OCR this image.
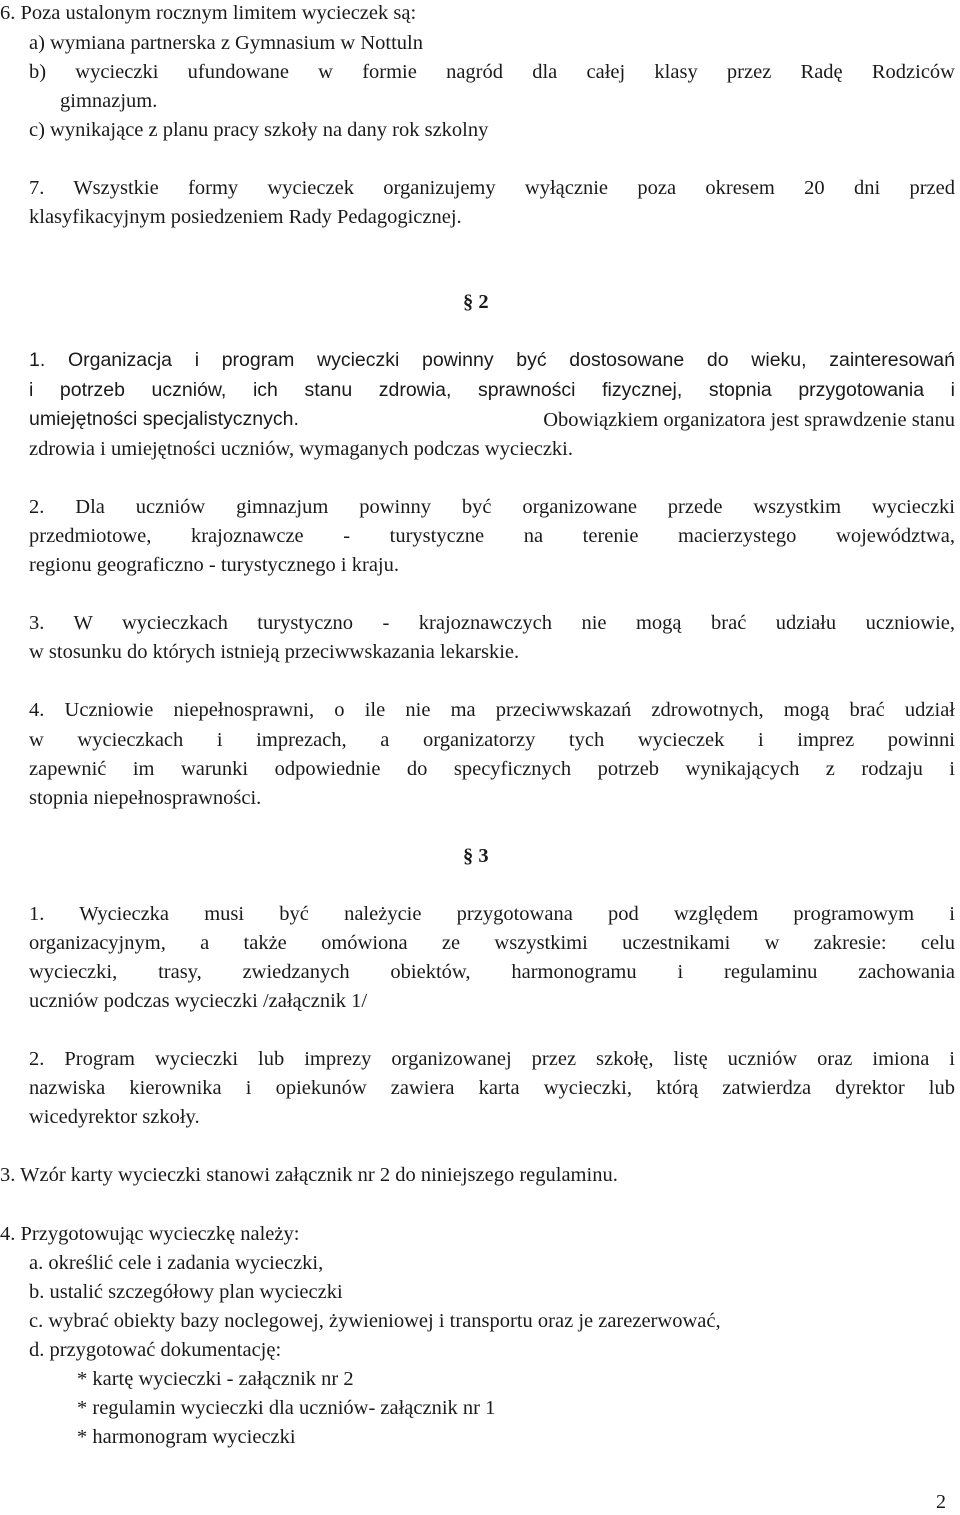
6. Poza ustalonym rocznym limitem wycieczek są:
a) wymiana partnerska z Gymnasium w Nottuln
b) wycieczki ufundowane w formie nagród dla całej klasy przez Radę Rodziców
gimnazjum.
c) wynikające z planu pracy szkoły na dany rok szkolny
7. Wszystkie formy wycieczek organizujemy wyłącznie poza okresem 20 dni przed
klasyfikacyjnym posiedzeniem Rady Pedagogicznej.
§ 2
1. Organizacja i program wycieczki powinny być dostosowane do wieku, zainteresowań
i potrzeb uczniów, ich stanu zdrowia, sprawności fizycznej, stopnia przygotowania i
umiejętności specjalistycznych.	Obowiązkiem organizatora jest sprawdzenie stanu
zdrowia i umiejętności uczniów, wymaganych podczas wycieczki.
2. Dla uczniów gimnazjum powinny być organizowane przede wszystkim wycieczki
przedmiotowe, krajoznawcze - turystyczne na terenie macierzystego województwa,
regionu geograficzno - turystycznego i kraju.
3. W wycieczkach turystyczno - krajoznawczych nie mogą brać udziału uczniowie,
w stosunku do których istnieją przeciwwskazania lekarskie.
4. Uczniowie niepełnosprawni, o ile nie ma przeciwwskazań zdrowotnych, mogą brać udział
w wycieczkach i imprezach, a organizatorzy tych wycieczek i imprez powinni
zapewnić im warunki odpowiednie do specyficznych potrzeb wynikających z rodzaju i
stopnia niepełnosprawności.
§ 3
1. Wycieczka musi być należycie przygotowana pod względem programowym i
organizacyjnym, a także omówiona ze wszystkimi uczestnikami w zakresie: celu
wycieczki, trasy, zwiedzanych obiektów, harmonogramu i regulaminu zachowania
uczniów podczas wycieczki /załącznik 1/
2. Program wycieczki lub imprezy organizowanej przez szkołę, listę uczniów oraz imiona i
nazwiska kierownika i opiekunów zawiera karta wycieczki, którą zatwierdza dyrektor lub
wicedyrektor szkoły.
3. Wzór karty wycieczki stanowi załącznik nr 2 do niniejszego regulaminu.
4. Przygotowując wycieczkę należy:
a. określić cele i zadania wycieczki,
b. ustalić szczegółowy plan wycieczki
c. wybrać obiekty bazy noclegowej, żywieniowej i transportu oraz je zarezerwować,
d. przygotować dokumentację:
* kartę wycieczki - załącznik nr 2
* regulamin wycieczki dla uczniów- załącznik nr 1
* harmonogram wycieczki
2
